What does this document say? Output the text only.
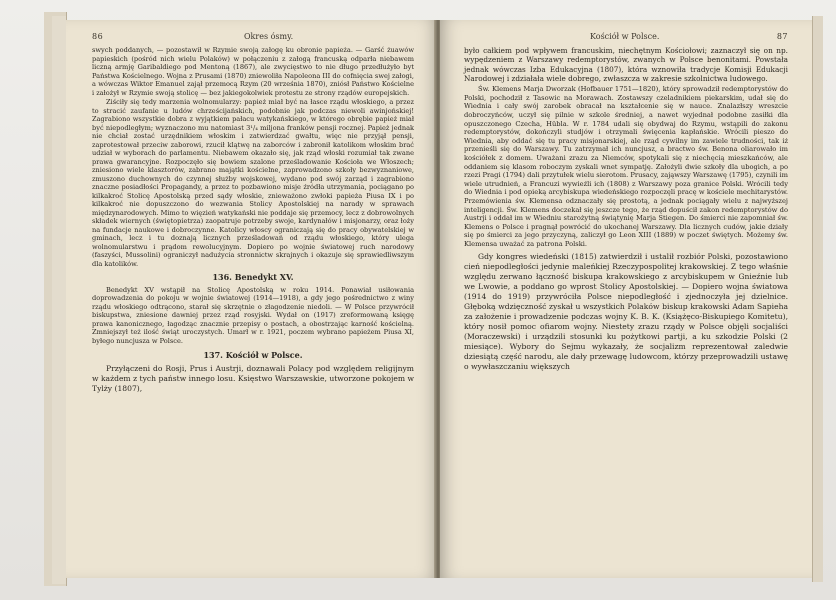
86	Okres ósmy.

swych poddanych, — pozostawił w Rzymie swoją załogę ku obronie papieża. — Garść żuawów papieskich (pośród nich wielu Polaków) w połączeniu z załogą francuską odparła niebawem liczną armję Garibaldiego pod Mentoną (1867), ale zwycięstwo to nie długo przedłużyło byt Państwa Kościelnego. Wojna z Prusami (1870) zniewoliła Napoleona III do cofnięcia swej załogi, a wówczas Wiktor Emanuel zajął przemocą Rzym (20 września 1870), zniósł Państwo Kościelne i założył w Rzymie swoją stolicę — bez jakiegokolwiek protestu ze strony rządów europejskich.

Ziściły się tedy marzenia wolnomularzy: papież miał być na łasce rządu włoskiego, a przez to stracić zaufanie u ludów chrześcijańskich, podobnie jak podczas niewoli awinjońskiej! Zagrabiono wszystkie dobra z wyjątkiem pałacu watykańskiego, w którego obrębie papież miał być niepodległym; wyznaczono mu natomiast 3¹/₄ miljona franków pensji rocznej. Papież jednak nie chciał zostać urzędnikiem włoskim i zatwierdzać gwałtu, więc nie przyjął pensji, zaprotestował przeciw zaborowi, rzucił klątwę na zaborców i zabronił katolikom włoskim brać udział w wyborach do parlamentu. Niebawem okazało się, jak rząd włoski rozumiał tak zwane prawa gwarancyjne. Rozpoczęło się bowiem szalone prześladowanie Kościoła we Włoszech; zniesiono wiele klasztorów, zabrano majątki kościelne, zaprowadzono szkoły bezwyznaniowe, zmuszono duchownych do czynnej służby wojskowej, wydano pod swój zarząd i zagrabiono znaczne posiadłości Propagandy, a przez to pozbawiono misje źródła utrzymania, pociągano po kilkakroć Stolicę Apostolską przed sądy włoskie, znieważono zwłoki papieża Piusa IX i po kilkakroć nie dopuszczono do wezwania Stolicy Apostolskiej na narady w sprawach międzynarodowych. Mimo to więzień watykański nie poddaje się przemocy, lecz z dobrowolnych składek wiernych (świętopietrza) zaopatruje potrzeby swoje, kardynałów i misjonarzy, oraz łoży na fundacje naukowe i dobroczynne. Katolicy włoscy ograniczają się do pracy obywatelskiej w gminach, lecz i tu doznają licznych prześladowań od rządu włoskiego, który ulega wolnomularstwu i prądom rewolucyjnym. Dopiero po wojnie światowej ruch narodowy (faszyści, Mussolini) ograniczył nadużycia stronnictw skrajnych i okazuje się sprawiedliwszym dla katolików.

136. Benedykt XV.

Benedykt XV wstąpił na Stolicę Apostolską w roku 1914. Ponawiał usiłowania doprowadzenia do pokoju w wojnie światowej (1914—1918), a gdy jego pośrednictwo z winy rządu włoskiego odtrącono, starał się skrzętnie o złagodzenie niedoli. — W Polsce przywrócił biskupstwa, zniesione dawniej przez rząd rosyjski. Wydał on (1917) zreformowaną księgę prawa kanonicznego, łagodząc znacznie przepisy o postach, a obostrzając karność kościelną. Zmniejszył też ilość świąt uroczystych. Umarł w r. 1921, poczem wybrano papieżem Piusa XI, byłego nuncjusza w Polsce.

137. Kościół w Polsce.

Przyłączeni do Rosji, Prus i Austrji, doznawali Polacy pod względem religijnym w każdem z tych państw innego losu. Księstwo Warszawskie, utworzone pokojem w Tylży (1807),

Kościół w Polsce.	87

było całkiem pod wpływem francuskim, niechętnym Kościołowi; zaznaczył się on np. wypędzeniem z Warszawy redemptorystów, zwanych w Polsce benonitami. Powstała jednak wówczas Izba Edukacyjna (1807), która wznowiła tradycje Komisji Edukacji Narodowej i zdziałała wiele dobrego, zwłaszcza w zakresie szkolnictwa ludowego.

Św. Klemens Marja Dworzak (Hofbauer 1751—1820), który sprowadził redemptorystów do Polski, pochodził z Tasowic na Morawach. Zostawszy czeladnikiem piekarskim, udał się do Wiednia i cały swój zarobek obracał na kształcenie się w nauce. Znalazłszy wreszcie dobroczyńców, uczył się pilnie w szkole średniej, a nawet wyjednał podobne zasiłki dla opuszczonego Czecha, Hübla. W r. 1784 udali się obydwaj do Rzymu, wstąpili do zakonu redemptorystów, dokończyli studjów i otrzymali święcenia kapłańskie. Wrócili pieszo do Wiednia, aby oddać się tu pracy misjonarskiej, ale rząd cywilny im zawiele trudności, tak iż przenieśli się do Warszawy. Tu zatrzymał ich nuncjusz, a bractwo św. Benona oliarowało im kościółek z domem. Uważani zrazu za Niemców, spotykali się z niechęcią mieszkańców, ale oddaniem się klasom roboczym zyskali wnet sympatję. Założyli dwie szkoły dla ubogich, a po rzezi Pragi (1794) dali przytułek wielu sierotom. Prusacy, zająwszy Warszawę (1795), czynili im wiele utrudnień, a Francuzi wywieźli ich (1808) z Warszawy poza granice Polski. Wrócili tedy do Wiednia i pod opieką arcybiskupa wiedeńskiego rozpoczęli pracę w kościele mechitarystów. Przemówienia św. Klemensa odznaczały się prostotą, a jednak pociągały wielu z najwyższej inteligencji. Św. Klemens doczekał się jeszcze tego, że rząd dopuścił zakon redemptorystów do Austrji i oddał im w Wiedniu starożytną świątynię Marja Stiegen. Do śmierci nie zapomniał św. Klemens o Polsce i pragnął powrócić do ukochanej Warszawy. Dla licznych cudów, jakie działy się po śmierci za jego przyczyną, zaliczył go Leon XIII (1889) w poczet świętych. Możemy św. Klemensa uważać za patrona Polski.

Gdy kongres wiedeński (1815) zatwierdził i ustalił rozbiór Polski, pozostawiono cień niepodległości jedynie maleńkiej Rzeczypospolitej krakowskiej. Z tego właśnie względu zerwano łączność biskupa krakowskiego z arcybiskupem w Gnieźnie lub we Lwowie, a poddano go wprost Stolicy Apostolskiej. — Dopiero wojna światowa (1914 do 1919) przywróciła Polsce niepodległość i zjednoczyła jej dzielnice. Głęboką wdzięczność zyskał u wszystkich Polaków biskup krakowski Adam Sapieha za założenie i prowadzenie podczas wojny K. B. K. (Książęco-Biskupiego Komitetu), który nosił pomoc ofiarom wojny. Niestety zrazu rządy w Polsce objęli socjaliści (Moraczewski) i urządzili stosunki ku pożytkowi partji, a ku szkodzie Polski (2 miesiące). Wybory do Sejmu wykazały, że socjalizm reprezentował zaledwie dziesiątą część narodu, ale dały przewagę ludowcom, którzy przeprowadzili ustawę o wywłaszczaniu większych
